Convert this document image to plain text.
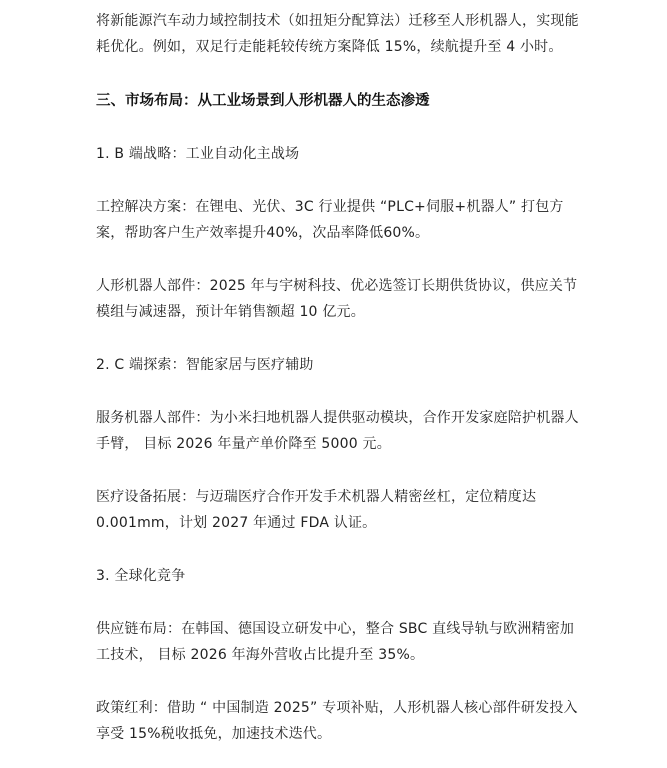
将新能源汽车动力域控制技术（如扭矩分配算法）迁移至人形机器人，实现能耗优化。例如，双足行走能耗较传统方案降低 15%，续航提升至 4 小时。

三、市场布局：从工业场景到人形机器人的生态渗透

1. B 端战略：工业自动化主战场

工控解决方案：在锂电、光伏、3C 行业提供 “PLC+伺服+机器人” 打包方案，帮助客户生产效率提升40%，次品率降低60%。

人形机器人部件：2025 年与宇树科技、优必选签订长期供货协议，供应关节模组与减速器，预计年销售额超 10 亿元。

2. C 端探索：智能家居与医疗辅助

服务机器人部件：为小米扫地机器人提供驱动模块，合作开发家庭陪护机器人手臂， 目标 2026 年量产单价降至 5000 元。

医疗设备拓展：与迈瑞医疗合作开发手术机器人精密丝杠，定位精度达 0.001mm，计划 2027 年通过 FDA 认证。

3. 全球化竞争

供应链布局：在韩国、德国设立研发中心，整合 SBC 直线导轨与欧洲精密加工技术， 目标 2026 年海外营收占比提升至 35%。

政策红利：借助 “ 中国制造 2025” 专项补贴，人形机器人核心部件研发投入享受 15%税收抵免，加速技术迭代。
